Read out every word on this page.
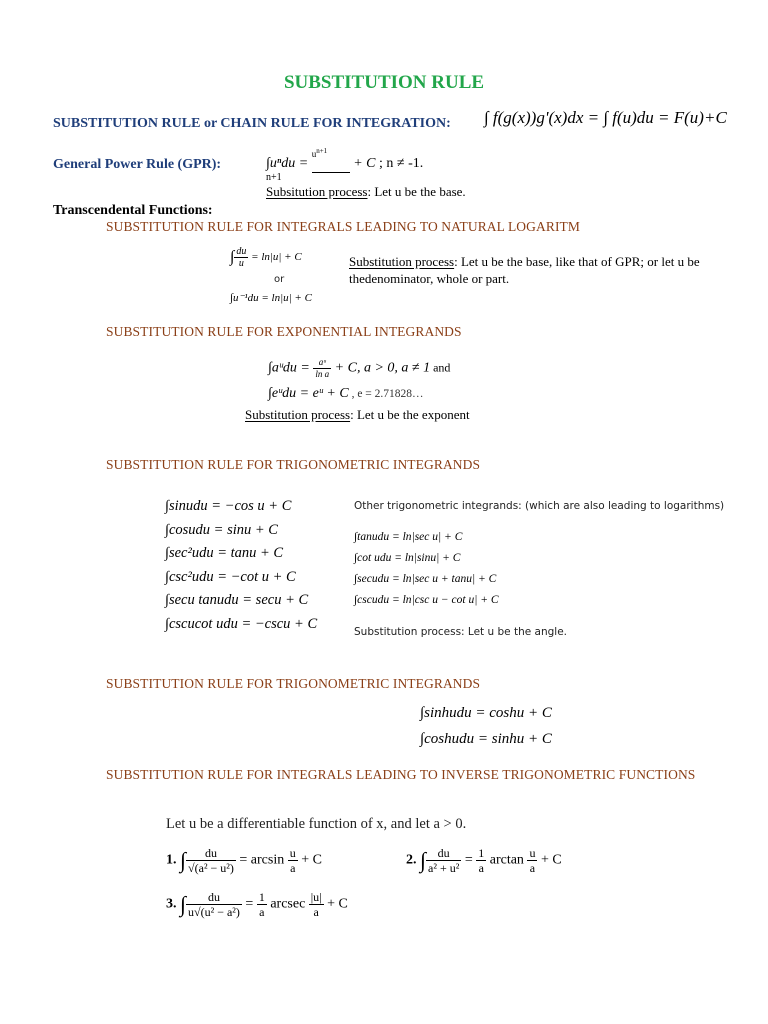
SUBSTITUTION RULE
SUBSTITUTION RULE or CHAIN RULE FOR INTEGRATION: ∫ f(g(x))g'(x)dx = ∫ f(u)du = F(u)+C
General Power Rule (GPR):	∫uⁿdu =
$u^{n+1}$
+ C ; n ≠ -1.
n+1
Subsitution process: Let u be the base.
Transcendental Functions:
SUBSTITUTION RULE FOR INTEGRALS LEADING TO NATURAL LOGARITM
∫ $\frac{du}{u} = \ln|u| + C$
or
∫u⁻¹du = ln|u| + C
Substitution process: Let u be the base, like that of GPR; or let u be thedenominator, whole or part.
SUBSTITUTION RULE FOR EXPONENTIAL INTEGRANDS
∫aᵘdu = $\frac{\text{aᵘ}}{\text{ln a}} + C$, a > 0, a ≠ 1 and
∫eᵘdu = eᵘ + C , e = 2.71828…
Substitution process: Let u be the exponent
SUBSTITUTION RULE FOR TRIGONOMETRIC INTEGRANDS
∫sinudu = −cos u + C
∫cosudu = sinu + C
∫sec²udu = tanu + C
∫csc²udu = −cot u + C
∫secu tanudu = secu + C
∫cscucot udu = −cscu + C
Other trigonometric integrands: (which are also leading to logarithms)
∫tanudu = ln|sec u| + C
∫cot udu = ln|sinu| + C
∫secudu = ln|sec u + tanu| + C
∫cscudu = ln|csc u − cot u| + C
Substitution process: Let u be the angle.
SUBSTITUTION RULE FOR TRIGONOMETRIC INTEGRANDS
∫sinhudu = coshu + C
∫coshudu = sinhu + C
SUBSTITUTION RULE FOR INTEGRALS LEADING TO INVERSE TRIGONOMETRIC FUNCTIONS
Let u be a differentiable function of x, and let a > 0.
1. ∫ $\frac{du}{\text{√(a² − u²)}} = \arcsin \frac{u}{a} + C$	2. ∫ $\frac{du}{\text{a² + u²}} = \frac{1}{a}$ $\arctan \frac{u}{a} + C$
3. ∫ $\frac{du}{\text{u√(u² − a²)}} = \frac{1}{a}$ arcsec $\frac{|u|}{a} + C$
